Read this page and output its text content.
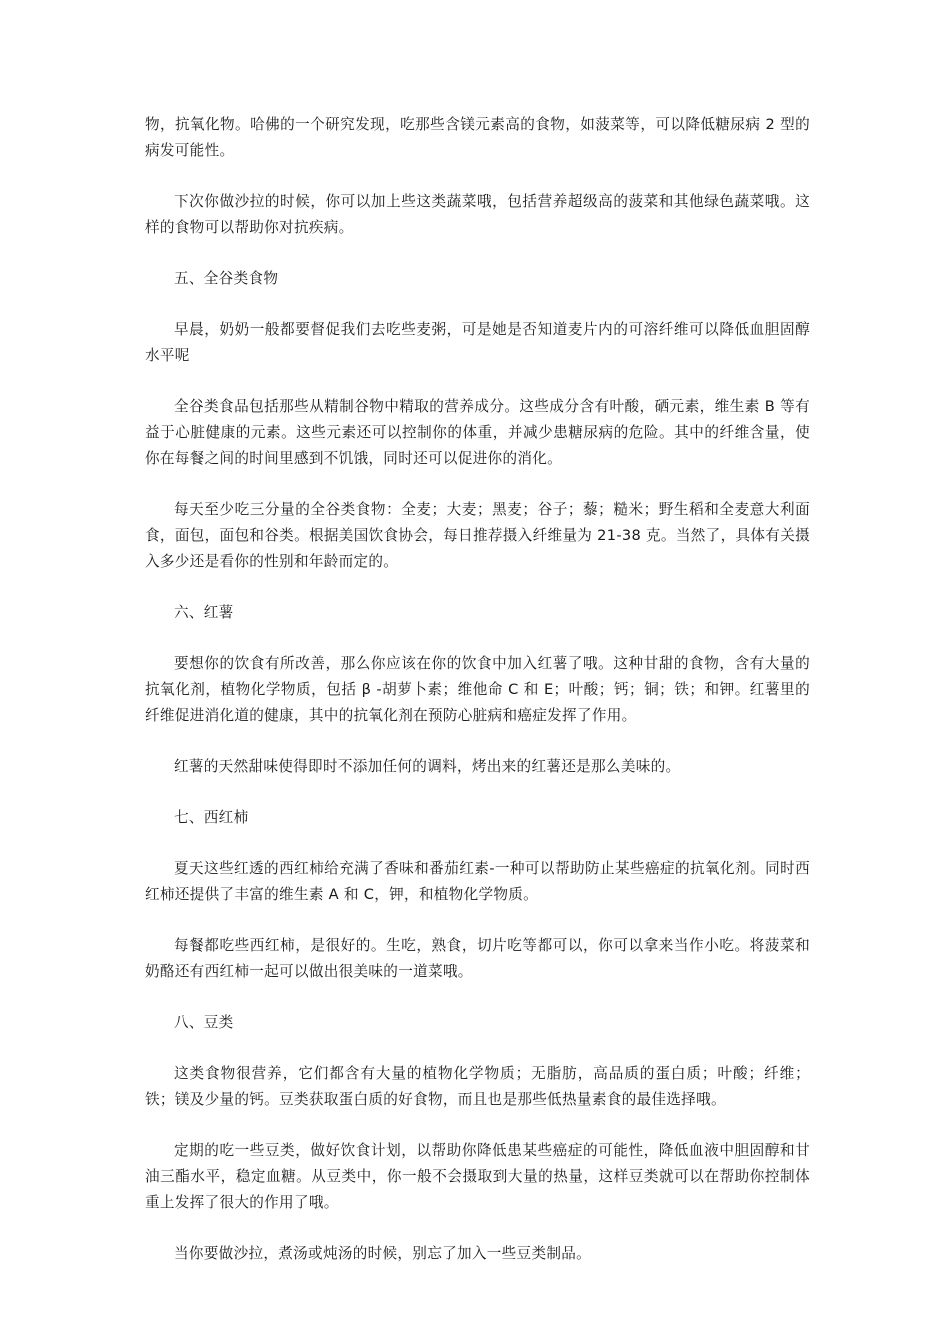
物，抗氧化物。哈佛的一个研究发现，吃那些含镁元素高的食物，如菠菜等，可以降低糖尿病 2 型的病发可能性。

下次你做沙拉的时候，你可以加上些这类蔬菜哦，包括营养超级高的菠菜和其他绿色蔬菜哦。这样的食物可以帮助你对抗疾病。

五、全谷类食物

早晨，奶奶一般都要督促我们去吃些麦粥，可是她是否知道麦片内的可溶纤维可以降低血胆固醇水平呢

全谷类食品包括那些从精制谷物中精取的营养成分。这些成分含有叶酸，硒元素，维生素 B 等有益于心脏健康的元素。这些元素还可以控制你的体重，并减少患糖尿病的危险。其中的纤维含量，使你在每餐之间的时间里感到不饥饿，同时还可以促进你的消化。

每天至少吃三分量的全谷类食物：全麦；大麦；黑麦；谷子；藜；糙米；野生稻和全麦意大利面食，面包，面包和谷类。根据美国饮食协会，每日推荐摄入纤维量为 21-38 克。当然了，具体有关摄入多少还是看你的性别和年龄而定的。

六、红薯

要想你的饮食有所改善，那么你应该在你的饮食中加入红薯了哦。这种甘甜的食物，含有大量的抗氧化剂，植物化学物质，包括 β -胡萝卜素；维他命 C 和 E；叶酸；钙；铜；铁；和钾。红薯里的纤维促进消化道的健康，其中的抗氧化剂在预防心脏病和癌症发挥了作用。

红薯的天然甜味使得即时不添加任何的调料，烤出来的红薯还是那么美味的。

七、西红柿

夏天这些红透的西红柿给充满了香味和番茄红素-一种可以帮助防止某些癌症的抗氧化剂。同时西红柿还提供了丰富的维生素 A 和 C，钾，和植物化学物质。

每餐都吃些西红柿，是很好的。生吃，熟食，切片吃等都可以，你可以拿来当作小吃。将菠菜和奶酪还有西红柿一起可以做出很美味的一道菜哦。

八、豆类

这类食物很营养，它们都含有大量的植物化学物质；无脂肪，高品质的蛋白质；叶酸；纤维；铁；镁及少量的钙。豆类获取蛋白质的好食物，而且也是那些低热量素食的最佳选择哦。

定期的吃一些豆类，做好饮食计划，以帮助你降低患某些癌症的可能性，降低血液中胆固醇和甘油三酯水平，稳定血糖。从豆类中，你一般不会摄取到大量的热量，这样豆类就可以在帮助你控制体重上发挥了很大的作用了哦。

当你要做沙拉，煮汤或炖汤的时候，别忘了加入一些豆类制品。
